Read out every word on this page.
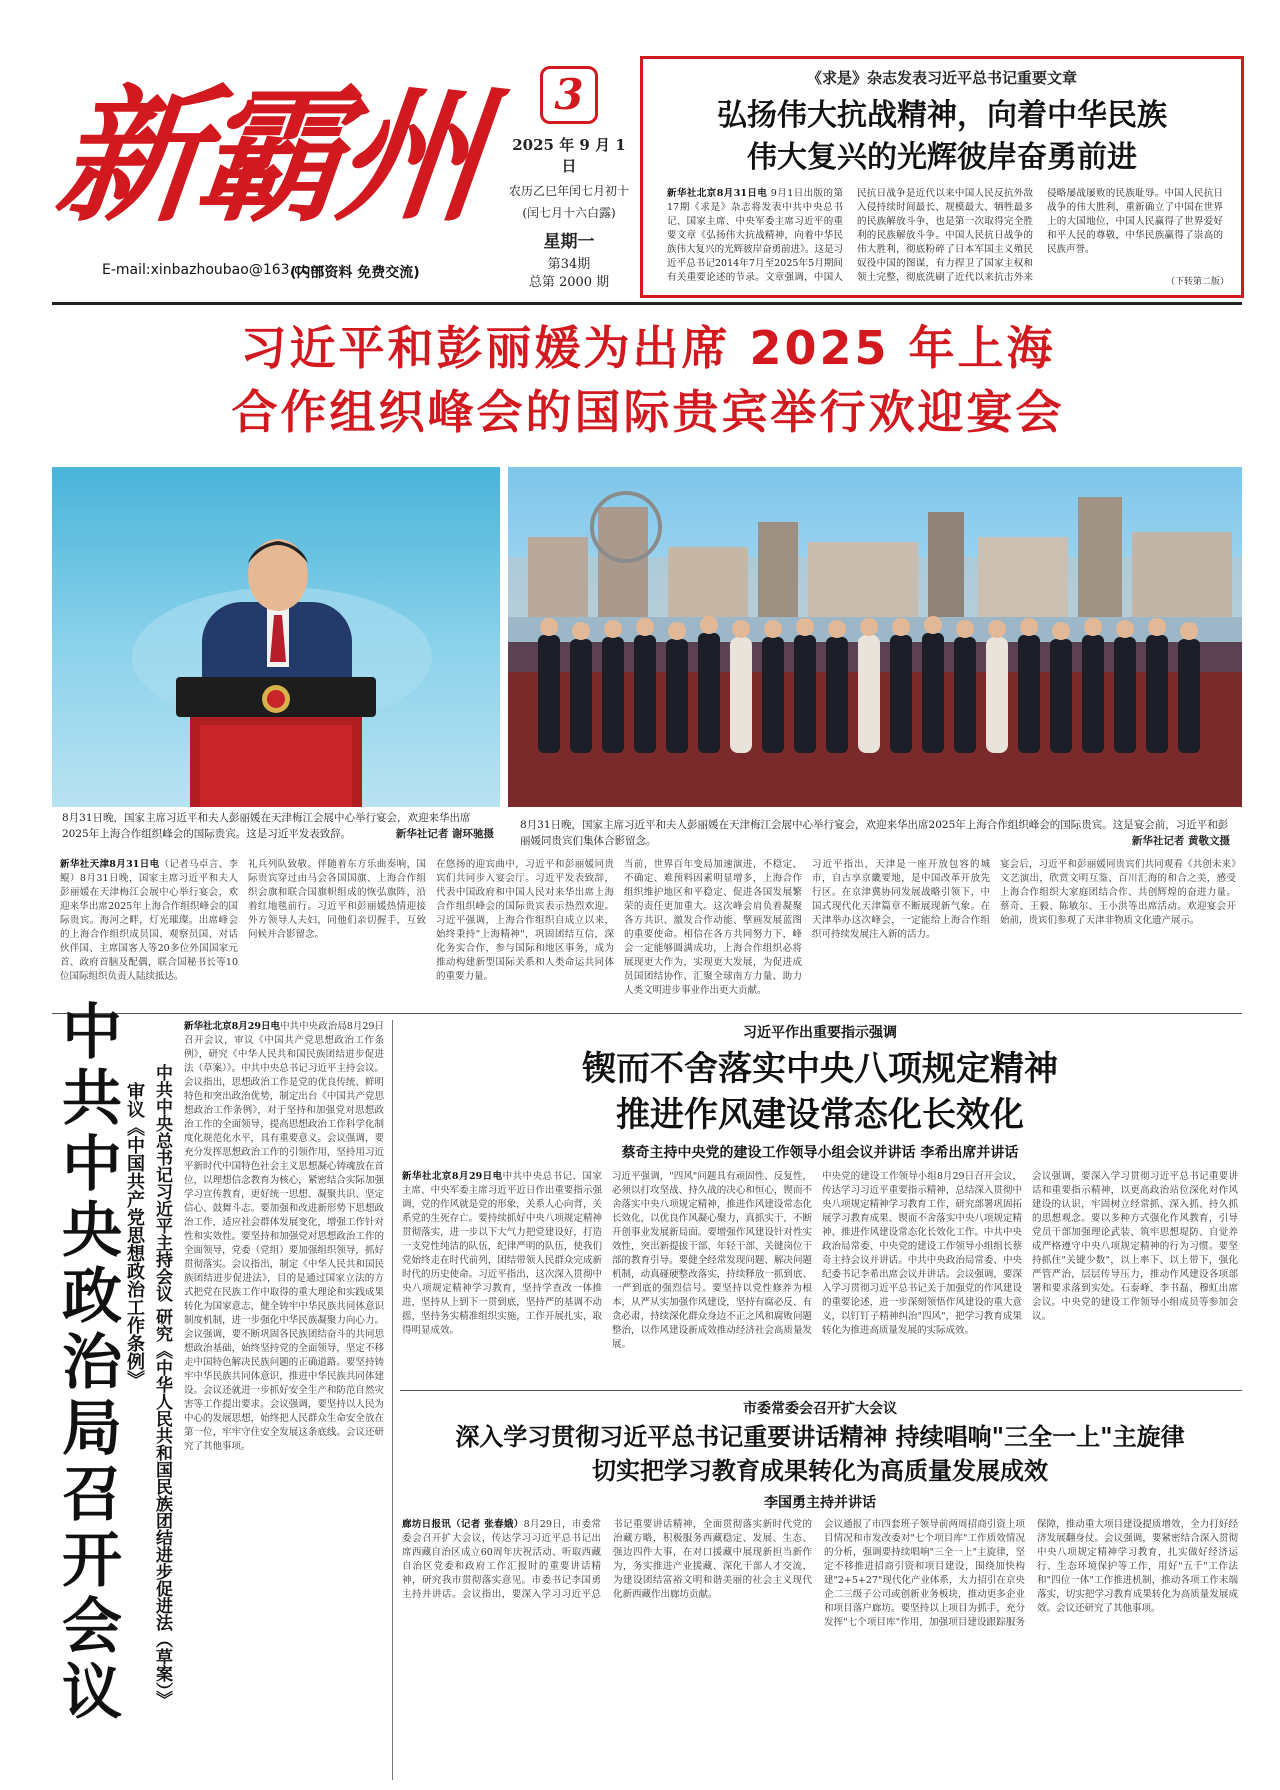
新霸州
E-mail:xinbazhoubao@163.com
(内部资料 免费交流)
3
2025 年 9 月 1 日
农历乙巳年闰七月初十
(闰七月十六白露)
星期一
第34期
总第 2000 期
《求是》杂志发表习近平总书记重要文章
弘扬伟大抗战精神，向着中华民族
伟大复兴的光辉彼岸奋勇前进
新华社北京8月31日电 9月1日出版的第17期《求是》杂志将发表中共中央总书记、国家主席、中央军委主席习近平的重要文章《弘扬伟大抗战精神，向着中华民族伟大复兴的光辉彼岸奋勇前进》。这是习近平总书记2014年7月至2025年5月期间有关重要论述的节录。文章强调，中国人民抗日战争是近代以来中国人民反抗外敌入侵持续时间最长、规模最大、牺牲最多的民族解放斗争，也是第一次取得完全胜利的民族解放斗争。中国人民抗日战争的伟大胜利，彻底粉碎了日本军国主义殖民奴役中国的图谋，有力捍卫了国家主权和领土完整，彻底洗刷了近代以来抗击外来侵略屡战屡败的民族耻辱。中国人民抗日战争的伟大胜利，重新确立了中国在世界上的大国地位，中国人民赢得了世界爱好和平人民的尊敬，中华民族赢得了崇高的民族声誉。
（下转第二版）
习近平和彭丽媛为出席 2025 年上海
合作组织峰会的国际贵宾举行欢迎宴会
8月31日晚，国家主席习近平和夫人彭丽媛在天津梅江会展中心举行宴会，欢迎来华出席2025年上海合作组织峰会的国际贵宾。这是习近平发表致辞。	新华社记者 谢环驰摄
8月31日晚，国家主席习近平和夫人彭丽媛在天津梅江会展中心举行宴会，欢迎来华出席2025年上海合作组织峰会的国际贵宾。这是宴会前，习近平和彭丽媛同贵宾们集体合影留念。	新华社记者 黄敬文摄
新华社天津8月31日电（记者马卓言、李鲲）8月31日晚，国家主席习近平和夫人彭丽媛在天津梅江会展中心举行宴会，欢迎来华出席2025年上海合作组织峰会的国际贵宾。海河之畔，灯光璀璨。出席峰会的上海合作组织成员国、观察员国、对话伙伴国、主席国客人等20多位外国国家元首、政府首脑及配偶，联合国秘书长等10位国际组织负责人陆续抵达。
礼兵列队致敬。伴随着东方乐曲奏响，国际贵宾穿过由马会各国国旗、上海合作组织会旗和联合国旗帜组成的恢弘旗阵，沿着红地毯前行。习近平和彭丽媛热情迎接外方领导人夫妇，同他们亲切握手，互致问候并合影留念。
在悠扬的迎宾曲中，习近平和彭丽媛同贵宾们共同步入宴会厅。习近平发表致辞，代表中国政府和中国人民对来华出席上海合作组织峰会的国际贵宾表示热烈欢迎。习近平强调，上海合作组织自成立以来，始终秉持"上海精神"，巩固团结互信，深化务实合作，参与国际和地区事务，成为推动构建新型国际关系和人类命运共同体的重要力量。
当前，世界百年变局加速演进，不稳定、不确定、难预料因素明显增多，上海合作组织维护地区和平稳定、促进各国发展繁荣的责任更加重大。这次峰会肩负着凝聚各方共识、激发合作动能、擘画发展蓝图的重要使命。相信在各方共同努力下，峰会一定能够圆满成功，上海合作组织必将展现更大作为，实现更大发展，为促进成员国团结协作、汇聚全球南方力量、助力人类文明进步事业作出更大贡献。
习近平指出，天津是一座开放包容的城市，自古享京畿要地，是中国改革开放先行区。在京津冀协同发展战略引领下，中国式现代化天津篇章不断展现新气象。在天津举办这次峰会，一定能给上海合作组织可持续发展注入新的活力。
宴会后，习近平和彭丽媛同贵宾们共同观看《共创未来》文艺演出，欣赏文明互鉴、百川汇海的和合之美，感受上海合作组织大家庭团结合作、共创辉煌的奋进力量。蔡奇、王毅、陈敏尔、王小洪等出席活动。欢迎宴会开始前，贵宾们参观了天津非物质文化遗产展示。
中共中央政治局召开会议 审议《中国共产党思想政治工作条例》 中共中央总书记习近平主持会议 研究《中华人民共和国民族团结进步促进法（草案）》
新华社北京8月29日电中共中央政治局8月29日召开会议，审议《中国共产党思想政治工作条例》，研究《中华人民共和国民族团结进步促进法（草案）》。中共中央总书记习近平主持会议。会议指出，思想政治工作是党的优良传统、鲜明特色和突出政治优势，制定出台《中国共产党思想政治工作条例》，对于坚持和加强党对思想政治工作的全面领导，提高思想政治工作科学化制度化规范化水平，具有重要意义。会议强调，要充分发挥思想政治工作的引领作用，坚持用习近平新时代中国特色社会主义思想凝心铸魂放在首位，以理想信念教育为核心，紧密结合实际加强学习宣传教育，更好统一思想、凝聚共识、坚定信心、鼓舞斗志。要加强和改进新形势下思想政治工作，适应社会群体发展变化，增强工作针对性和实效性。要坚持和加强党对思想政治工作的全面领导，党委（党组）要加强组织领导，抓好贯彻落实。会议指出，制定《中华人民共和国民族团结进步促进法》，目的是通过国家立法的方式把党在民族工作中取得的重大理论和实践成果转化为国家意志，健全铸牢中华民族共同体意识制度机制，进一步强化中华民族凝聚力向心力。会议强调，要不断巩固各民族团结奋斗的共同思想政治基础，始终坚持党的全面领导，坚定不移走中国特色解决民族问题的正确道路。要坚持铸牢中华民族共同体意识，推进中华民族共同体建设。会议还就进一步抓好安全生产和防范自然灾害等工作提出要求。会议强调，要坚持以人民为中心的发展思想，始终把人民群众生命安全放在第一位，牢牢守住安全发展这条底线。会议还研究了其他事项。
习近平作出重要指示强调
锲而不舍落实中央八项规定精神
推进作风建设常态化长效化
蔡奇主持中央党的建设工作领导小组会议并讲话 李希出席并讲话
新华社北京8月29日电中共中央总书记、国家主席、中央军委主席习近平近日作出重要指示强调，党的作风就是党的形象，关系人心向背，关系党的生死存亡。要持续抓好中央八项规定精神贯彻落实，进一步以下大气力把党建设好，打造一支党性纯洁的队伍，纪律严明的队伍，使我们党始终走在时代前列，团结带领人民群众完成新时代的历史使命。习近平指出，这次深入贯彻中央八项规定精神学习教育，坚持学查改一体推进，坚持从上到下一贯到底，坚持严的基调不动摇，坚持务实精准组织实施，工作开展扎实，取得明显成效。
习近平强调，"四风"问题具有顽固性、反复性，必须以打攻坚战、持久战的决心和恒心，锲而不舍落实中央八项规定精神，推进作风建设常态化长效化，以优良作风凝心聚力，真抓实干，不断开创事业发展新局面。要增强作风建设针对性实效性，突出新提拔干部、年轻干部、关键岗位干部的教育引导。要健全经常发现问题、解决问题机制，动真碰硬整改落实，持续释放一抓到底、一严到底的强烈信号。要坚持以党性修养为根本，从严从实加强作风建设，坚持有腐必反、有贪必肃，持续深化群众身边不正之风和腐败问题整治，以作风建设新成效推动经济社会高质量发展。
中央党的建设工作领导小组8月29日召开会议，传达学习习近平重要指示精神，总结深入贯彻中央八项规定精神学习教育工作，研究部署巩固拓展学习教育成果、锲而不舍落实中央八项规定精神、推进作风建设常态化长效化工作。中共中央政治局常委、中央党的建设工作领导小组组长蔡奇主持会议并讲话。中共中央政治局常委、中央纪委书记李希出席会议并讲话。会议强调，要深入学习贯彻习近平总书记关于加强党的作风建设的重要论述，进一步深刻领悟作风建设的重大意义，以钉钉子精神纠治"四风"，把学习教育成果转化为推进高质量发展的实际成效。
会议强调，要深入学习贯彻习近平总书记重要讲话和重要指示精神，以更高政治站位深化对作风建设的认识，牢固树立经常抓、深入抓、持久抓的思想观念。要以多种方式强化作风教育，引导党员干部加强理论武装、筑牢思想堤防、自觉养成严格遵守中央八项规定精神的行为习惯。要坚持抓住"关键少数"，以上率下、以上带下，强化严管严治，层层传导压力，推动作风建设各项部署和要求落到实处。石泰峰、李书磊、穆虹出席会议。中央党的建设工作领导小组成员等参加会议。
市委常委会召开扩大会议
深入学习贯彻习近平总书记重要讲话精神 持续唱响"三全一上"主旋律
切实把学习教育成果转化为高质量发展成效
李国勇主持并讲话
廊坊日报讯（记者 张春娥）8月29日，市委常委会召开扩大会议，传达学习习近平总书记出席西藏自治区成立60周年庆祝活动、听取西藏自治区党委和政府工作汇报时的重要讲话精神，研究我市贯彻落实意见。市委书记李国勇主持并讲话。会议指出，要深入学习习近平总书记重要讲话精神，全面贯彻落实新时代党的治藏方略，积极服务西藏稳定、发展、生态、强边四件大事，在对口援藏中展现新担当新作为，务实推进产业援藏、深化干部人才交流，为建设团结富裕文明和谐美丽的社会主义现代化新西藏作出廊坊贡献。
会议通报了市四套班子领导前两周招商引资上项目情况和市发改委对"七个项目库"工作质效情况的分析，强调要持续唱响"三全一上"主旋律，坚定不移推进招商引资和项目建设，围绕加快构建"2+5+27"现代化产业体系，大力招引在京央企二三级子公司或创新业务板块，推动更多企业和项目落户廊坊。要坚持以上项目为抓手，充分发挥"七个项目库"作用，加强项目建设跟踪服务保障，推动重大项目建设提质增效，全力打好经济发展翻身仗。会议强调，要紧密结合深入贯彻中央八项规定精神学习教育，扎实做好经济运行、生态环境保护等工作，用好"五千"工作法和"四位一体"工作推进机制，推动各项工作末端落实，切实把学习教育成果转化为高质量发展成效。会议还研究了其他事项。
